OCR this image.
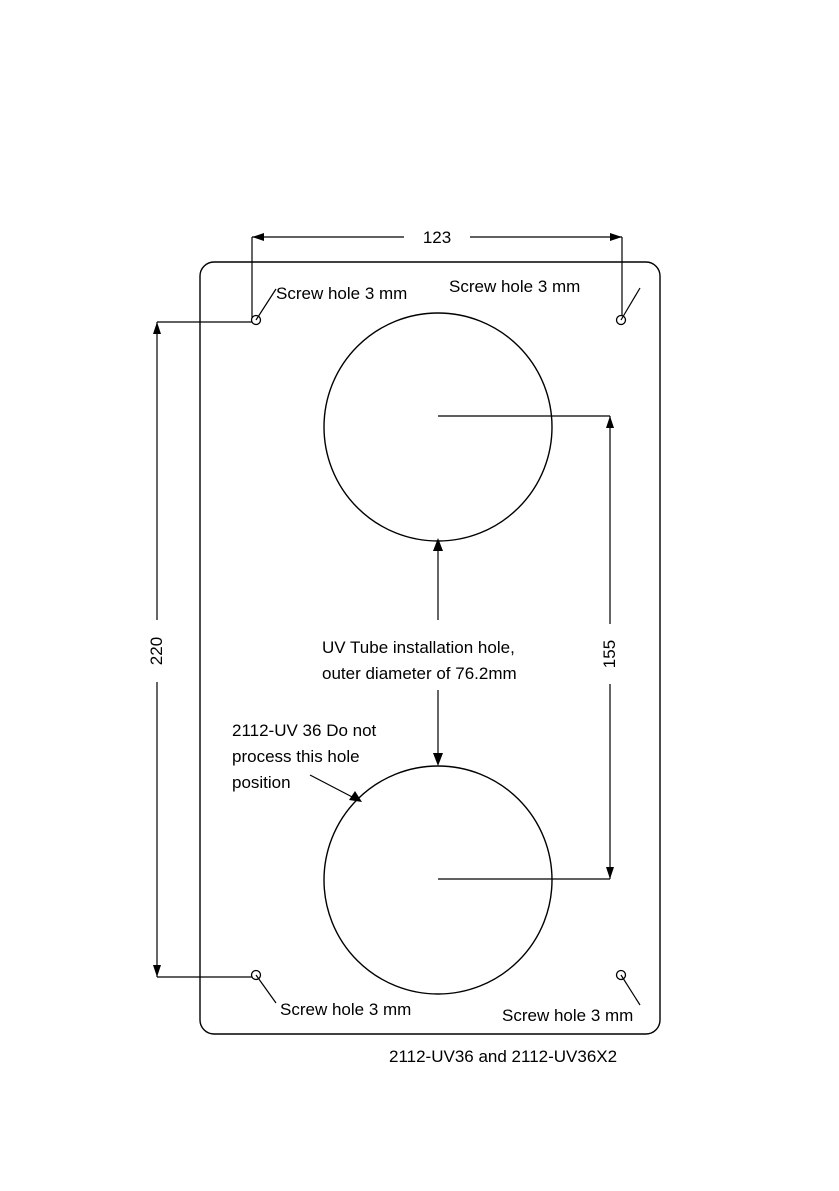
123
220	155
Screw hole 3 mm Screw hole 3 mm
Screw hole 3 mm	Screw hole 3 mm
UV Tube installation hole,
outer diameter of 76.2mm
2112-UV 36 Do not
process this hole
position
2112-UV36 and 2112-UV36X2
